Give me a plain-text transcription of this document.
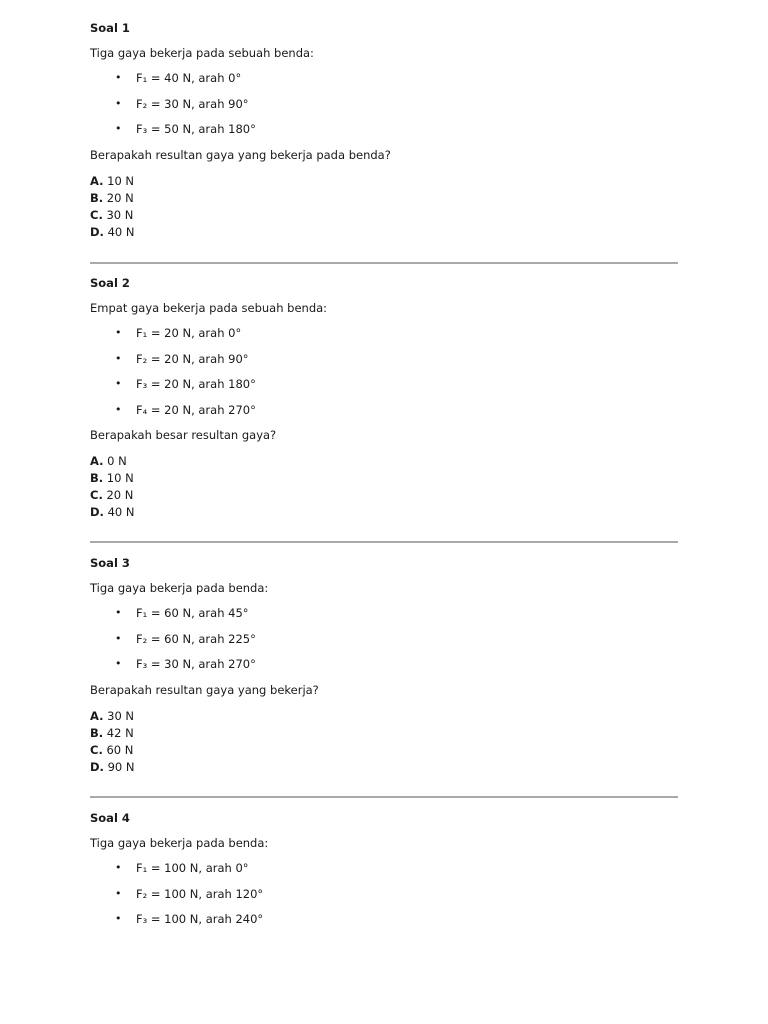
Soal 1
Tiga gaya bekerja pada sebuah benda:
• F₁ = 40 N, arah 0°
• F₂ = 30 N, arah 90°
• F₃ = 50 N, arah 180°
Berapakah resultan gaya yang bekerja pada benda?
A. 10 N
B. 20 N
C. 30 N
D. 40 N
Soal 2
Empat gaya bekerja pada sebuah benda:
• F₁ = 20 N, arah 0°
• F₂ = 20 N, arah 90°
• F₃ = 20 N, arah 180°
• F₄ = 20 N, arah 270°
Berapakah besar resultan gaya?
A. 0 N
B. 10 N
C. 20 N
D. 40 N
Soal 3
Tiga gaya bekerja pada benda:
• F₁ = 60 N, arah 45°
• F₂ = 60 N, arah 225°
• F₃ = 30 N, arah 270°
Berapakah resultan gaya yang bekerja?
A. 30 N
B. 42 N
C. 60 N
D. 90 N
Soal 4
Tiga gaya bekerja pada benda:
• F₁ = 100 N, arah 0°
• F₂ = 100 N, arah 120°
• F₃ = 100 N, arah 240°
